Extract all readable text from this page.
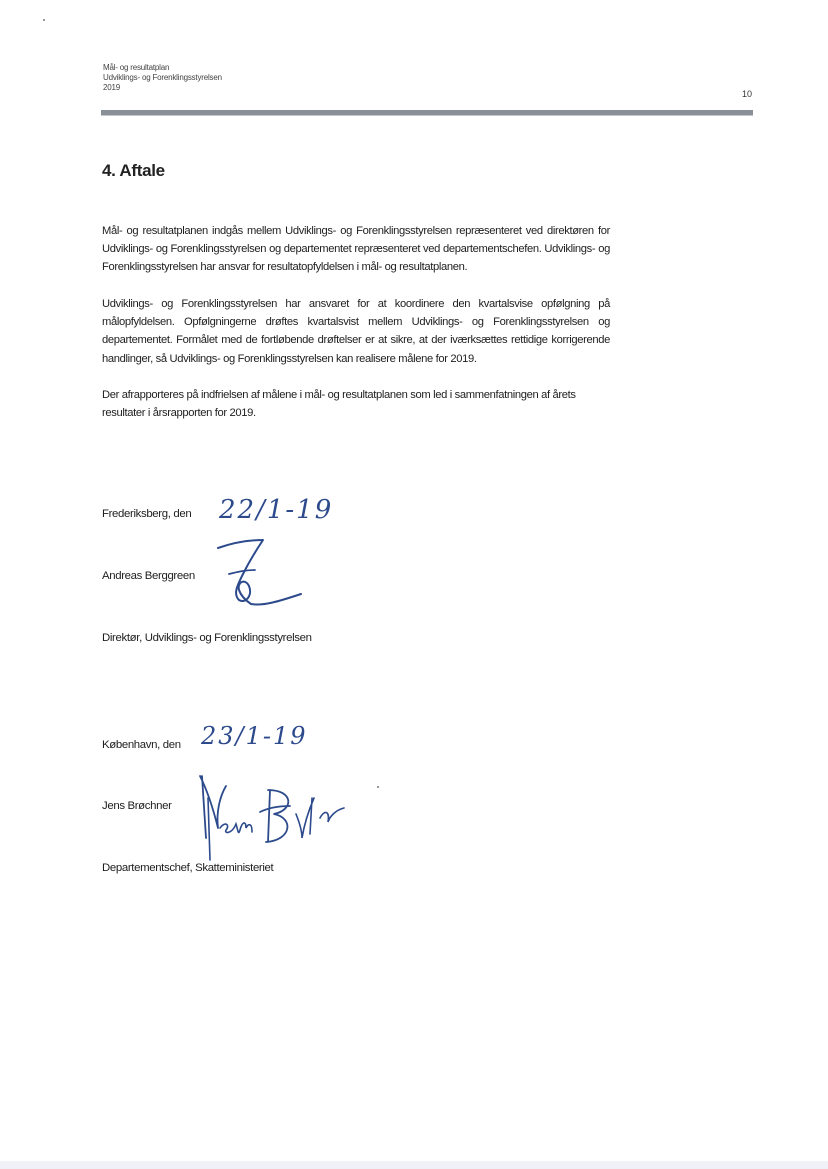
Mål- og resultatplan
Udviklings- og Forenklingsstyrelsen
2019
10
4. Aftale

Mål- og resultatplanen indgås mellem Udviklings- og Forenklingsstyrelsen repræsenteret ved direktøren for Udviklings- og Forenklingsstyrelsen og departementet repræsenteret ved departementschefen. Udviklings- og Forenklingsstyrelsen har ansvar for resultatopfyldelsen i mål- og resultatplanen.

Udviklings- og Forenklingsstyrelsen har ansvaret for at koordinere den kvartalsvise opfølgning på målopfyldelsen. Opfølgningerne drøftes kvartalsvist mellem Udviklings- og Forenklingsstyrelsen og departementet. Formålet med de fortløbende drøftelser er at sikre, at der iværksættes rettidige korrigerende handlinger, så Udviklings- og Forenklingsstyrelsen kan realisere målene for 2019.

Der afrapporteres på indfrielsen af målene i mål- og resultatplanen som led i sammenfatningen af årets
resultater i årsrapporten for 2019.
Frederiksberg, den 22/1-19
Andreas Berggreen
Direktør, Udviklings- og Forenklingsstyrelsen
København, den 23/1-19
Jens Brøchner
Departementschef, Skatteministeriet
